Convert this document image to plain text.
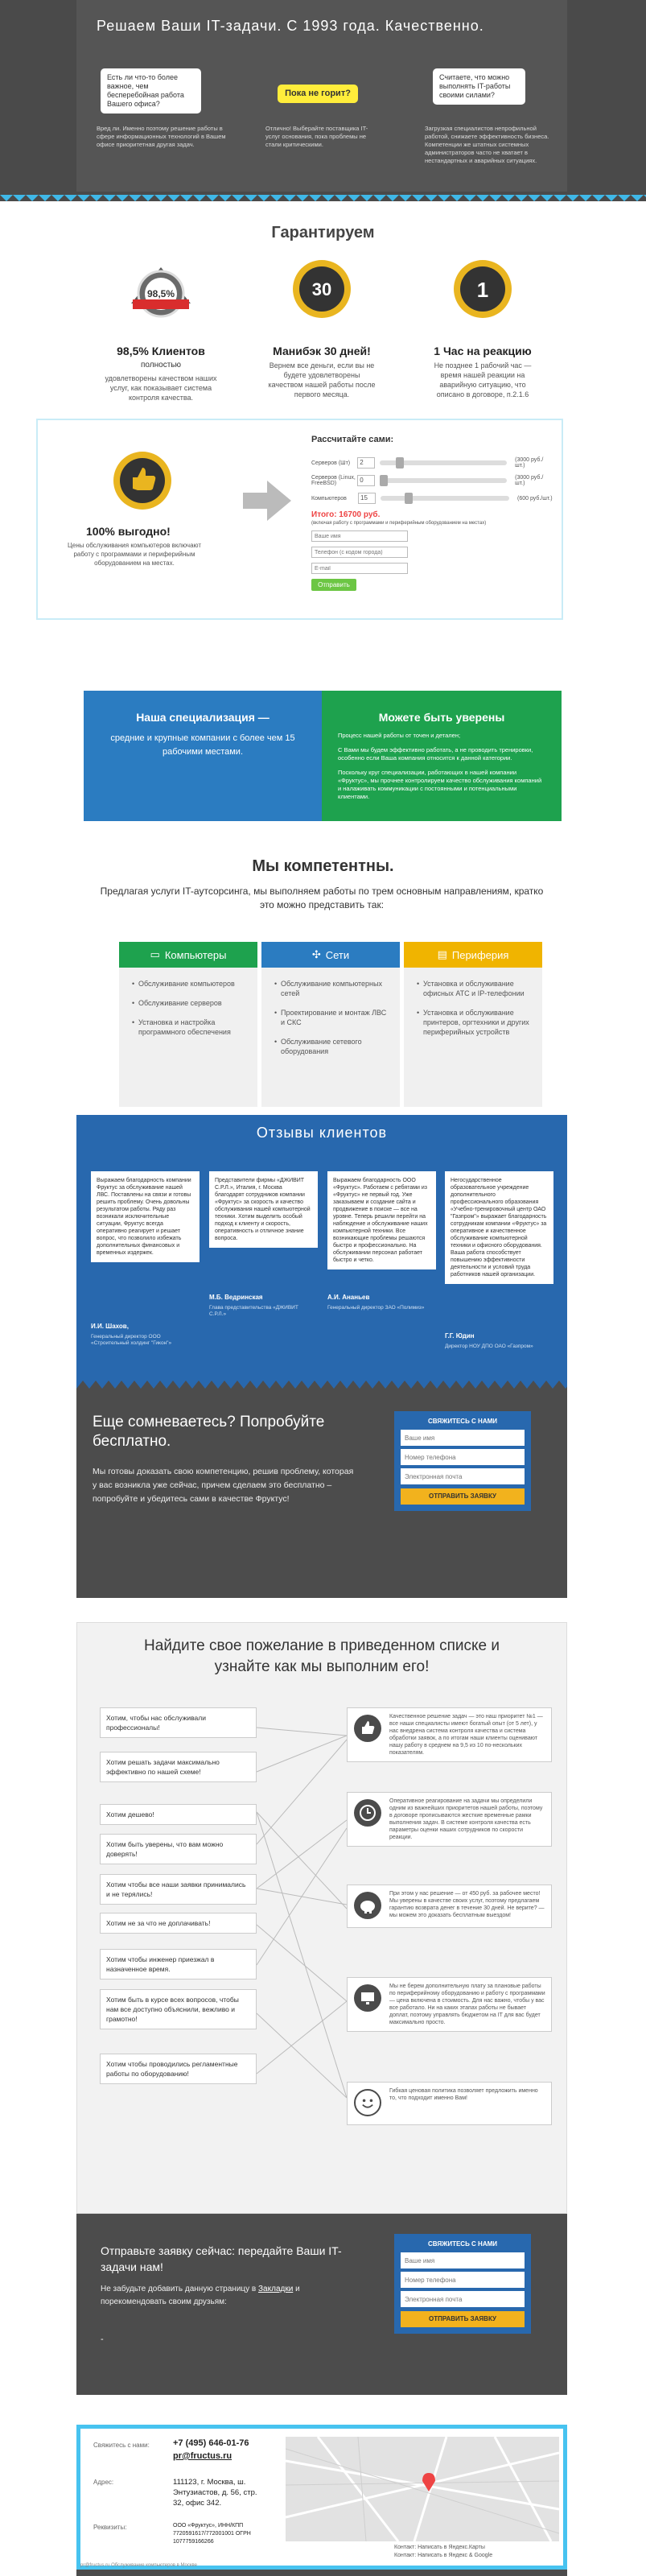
Решаем Ваши IT-задачи. С 1993 года. Качественно.
Есть ли что-то более важное, чем бесперебойная работа Вашего офиса?
Пока не горит?
Считаете, что можно выполнять IT-работы своими силами?
Вред ли. Именно поэтому решение работы в сфере информационных технологий в Вашем офисе приоритетная другая задач.
Отлично! Выберайте поставщика IT-услуг основания, пока проблемы не стали критическими.
Загрузкая специалистов непрофильной работой, снижаете эффективность бизнеса. Компетенции же штатных системных администраторов часто не хватает в нестандартных и аварийных ситуациях.
Гарантируем
98,5%
98,5% Клиентов
полностью
удовлетворены качеством наших услуг, как показывает система контроля качества.
30
Манибэк 30 дней!
Вернем все деньги, если вы не будете удовлетворены качеством нашей работы после первого месяца.
1
1 Час на реакцию
Не позднее 1 рабочий час — время нашей реакции на аварийную ситуацию, что описано в договоре, п.2.1.6
100% выгодно!
Цены обслуживания компьютеров включают работу с программами и периферийным оборудованием на местах.
Рассчитайте сами:
Серверов (Шт)	2	(3000 руб./шт.)
Серверов (Linux, FreeBSD)	0	(3000 руб./шт.)
Компьютеров	15	(600 руб./шт.)
Итого: 16700 руб.
(включая работу с программами и периферийным оборудованием на местах)
Ваше имя
Телефон (с кодом города)
E-mail Отправить
Наша специализация —
средние и крупные компании с более чем 15 рабочими местами.
Можете быть уверены
Процесс нашей работы от точен и детален;
С Вами мы будем эффективно работать, а не проводить тренировки, особенно если Ваша компания относится к данной категории.
Поскольку круг специализации, работающих в нашей компании «Фруктус», мы прочнее контролируем качество обслуживания компаний и налаживать коммуникации с постоянными и потенциальными клиентами.
Мы компетентны.
Предлагая услуги IT-аутсорсинга, мы выполняем работы по трем основным направлениям, кратко это можно представить так:
▭ Компьютеры
• Обслуживание компьютеров
• Обслуживание серверов
• Установка и настройка программного обеспечения
✣ Сети
• Обслуживание компьютерных сетей
• Проектирование и монтаж ЛВС и СКС
• Обслуживание сетевого оборудования
▤ Периферия
• Установка и обслуживание офисных АТС и IP-телефонии
• Установка и обслуживание принтеров, оргтехники и других периферийных устройств
Отзывы клиентов
Выражаем благодарность компании Фруктус за обслуживание нашей ЛВС. Поставлены на связи и готовы решить проблему. Очень довольны результатом работы. Ряду раз возникали исключительные ситуации, Фруктус всегда оперативно реагирует и решает вопрос, что позволило избежать дополнительных финансовых и временных издержек.
Представители фирмы «ДЖИВИТ С.Р.Л.», Италия, г. Москва благодарят сотрудников компании «Фруктус» за скорость и качество обслуживания нашей компьютерной техники. Хотим выделить особый подход к клиенту и скорость, оперативность и отличное знание вопроса.
Выражаем благодарность ООО «Фруктус». Работаем с ребятами из «Фруктус» не первый год. Уже заказываем и создание сайта и продвижение в поиске — все на уровне. Теперь решили перейти на наблюдение и обслуживание наших компьютерной техники. Все возникающие проблемы решаются быстро и профессионально. На обслуживании персонал работает быстро и четко.
Негосударственное образовательное учреждение дополнительного профессионального образования «Учебно-тренировочный центр ОАО "Газпром"» выражает благодарность сотрудникам компании «Фруктус» за оперативное и качественное обслуживание компьютерной техники и офисного оборудования. Ваша работа способствует повышению эффективности деятельности и условий труда работников нашей организации.
И.И. Шахов,
Генеральный директор ООО «Строительный холдинг "Гикон"»
М.Б. Ведринская
Глава представительства «ДЖИВИТ С.Р.Л.»
А.И. Ананьев
Генеральный директор ЗАО «Полимиз»
Г.Г. Юдин
Директор НОУ ДПО ОАО «Газпром»
Еще сомневаетесь? Попробуйте бесплатно.
Мы готовы доказать свою компетенцию, решив проблему, которая у вас возникла уже сейчас, причем сделаем это бесплатно – попробуйте и убедитесь сами в качестве Фруктус!
СВЯЖИТЕСЬ С НАМИ
Ваше имя
Номер телефона
Электронная почта ОТПРАВИТЬ ЗАЯВКУ
Найдите свое пожелание в приведенном списке и узнайте как мы выполним его!
Хотим, чтобы нас обслуживали профессионалы!
Хотим решать задачи максимально эффективно по нашей схеме!
Хотим дешево!
Хотим быть уверены, что вам можно доверять!
Хотим чтобы все наши заявки принимались и не терялись!
Хотим не за что не доплачивать!
Хотим чтобы инженер приезжал в назначенное время.
Хотим быть в курсе всех вопросов, чтобы нам все доступно объяснили, вежливо и грамотно!
Хотим чтобы проводились регламентные работы по оборудованию!
Качественное решение задач — это наш приоритет №1 — все наши специалисты имеют богатый опыт (от 5 лет), у нас внедрена система контроля качества и система обработки заявок, а по итогам наши клиенты оценивают нашу работу в среднем на 9,5 из 10 по-нескольких показателям.
Оперативное реагирование на задачи мы определили одним из важнейших приоритетов нашей работы, поэтому в договоре прописываются жесткие временные рамки выполнения задач. В системе контроля качества есть параметры оценки наших сотрудников по скорости реакции.
При этом у нас решение — от 450 руб. за рабочее место! Мы уверены в качестве своих услуг, поэтому предлагаем гарантию возврата денег в течение 30 дней. Не верите? — мы можем это доказать бесплатным выездом!
Мы не берем дополнительную плату за плановые работы по периферийному оборудованию и работу с программами — цена включена в стоимость. Для нас важно, чтобы у вас все работало. Ни на каких этапах работы не бывает доплат, поэтому управлять бюджетом на IT для вас будет максимально просто.
Гибкая ценовая политика позволяет предложить именно то, что подходит именно Вам!
Отправьте заявку сейчас: передайте Ваши IT-задачи нам!
Не забудьте добавить данную страницу в Закладки и порекомендовать своим друзьям:
-
СВЯЖИТЕСЬ С НАМИ
Ваше имя
Номер телефона
Электронная почта ОТПРАВИТЬ ЗАЯВКУ
Свяжитесь с нами:	+7 (495) 646-01-76
pr@fructus.ru
Адрес:	111123, г. Москва, ш. Энтузиастов, д. 56, стр. 32, офис 342.
Реквизиты:	ООО «Фруктус», ИНН/КПП 7720591617/772001001 ОГРН 1077759166266
Контакт: Написать в Яндекс.Карты
Контакт: Написать в Яндекс & Google
pr@fructus.ru Обслуживание компьютеров в Москве
